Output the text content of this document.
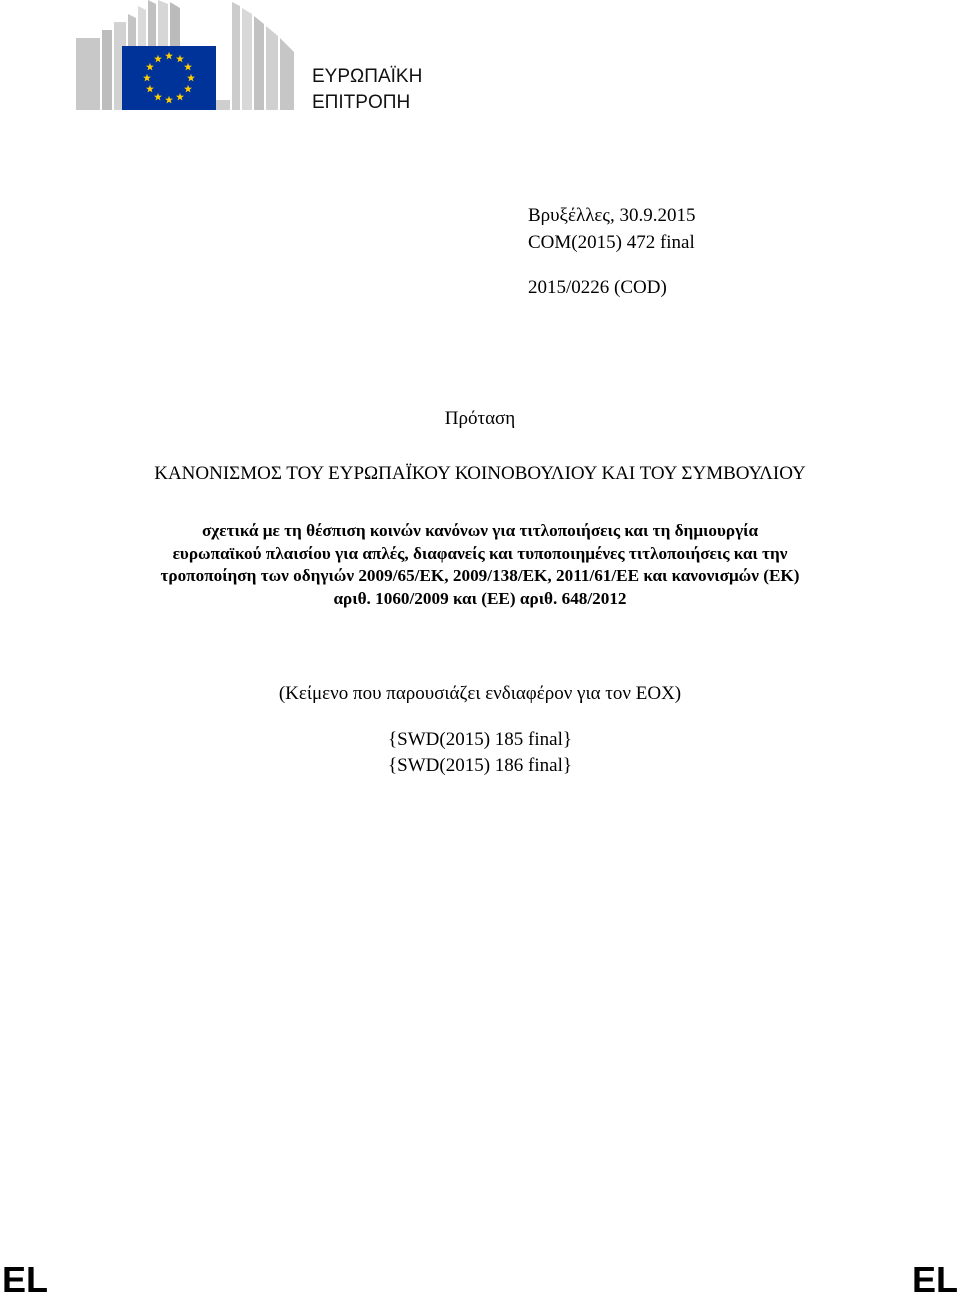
ΕΥΡΩΠΑΪΚΗ
ΕΠΙΤΡΟΠΗ
Βρυξέλλες, 30.9.2015
COM(2015) 472 final
2015/0226 (COD)
Πρόταση
ΚΑΝΟΝΙΣΜΟΣ ΤΟΥ ΕΥΡΩΠΑΪΚΟΥ ΚΟΙΝΟΒΟΥΛΙΟΥ ΚΑΙ ΤΟΥ ΣΥΜΒΟΥΛΙΟΥ
σχετικά με τη θέσπιση κοινών κανόνων για τιτλοποιήσεις και τη δημιουργία
ευρωπαϊκού πλαισίου για απλές, διαφανείς και τυποποιημένες τιτλοποιήσεις και την
τροποποίηση των οδηγιών 2009/65/ΕΚ, 2009/138/ΕΚ, 2011/61/ΕΕ και κανονισμών (ΕΚ)
αριθ. 1060/2009 και (ΕΕ) αριθ. 648/2012
(Κείμενο που παρουσιάζει ενδιαφέρον για τον ΕΟΧ)
{SWD(2015) 185 final}
{SWD(2015) 186 final}
EL	EL
